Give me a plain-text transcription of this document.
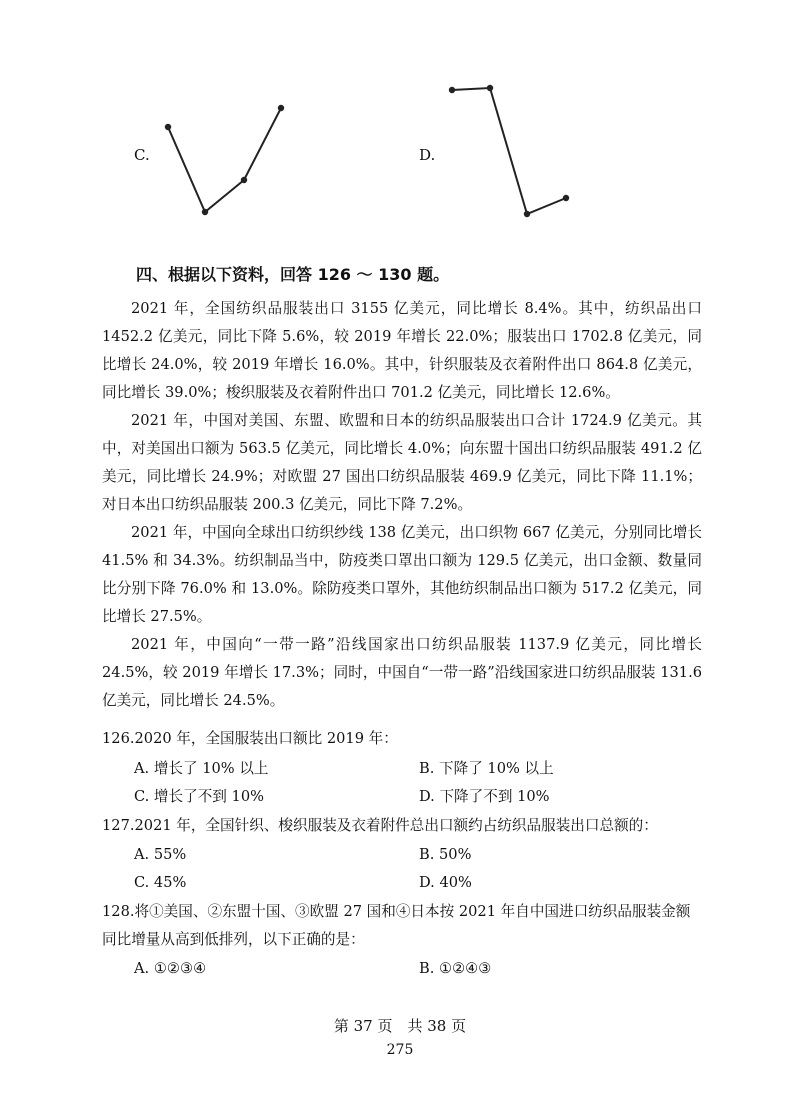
C.	D.
四、根据以下资料，回答 126 ～ 130 题。

2021 年，全国纺织品服装出口 3155 亿美元，同比增长 8.4%。其中，纺织品出口 1452.2 亿美元，同比下降 5.6%，较 2019 年增长 22.0%；服装出口 1702.8 亿美元，同比增长 24.0%，较 2019 年增长 16.0%。其中，针织服装及衣着附件出口 864.8 亿美元，同比增长 39.0%；梭织服装及衣着附件出口 701.2 亿美元，同比增长 12.6%。

2021 年，中国对美国、东盟、欧盟和日本的纺织品服装出口合计 1724.9 亿美元。其中，对美国出口额为 563.5 亿美元，同比增长 4.0%；向东盟十国出口纺织品服装 491.2 亿美元，同比增长 24.9%；对欧盟 27 国出口纺织品服装 469.9 亿美元，同比下降 11.1%；对日本出口纺织品服装 200.3 亿美元，同比下降 7.2%。

2021 年，中国向全球出口纺织纱线 138 亿美元，出口织物 667 亿美元，分别同比增长 41.5% 和 34.3%。纺织制品当中，防疫类口罩出口额为 129.5 亿美元，出口金额、数量同比分别下降 76.0% 和 13.0%。除防疫类口罩外，其他纺织制品出口额为 517.2 亿美元，同比增长 27.5%。

2021 年，中国向“一带一路”沿线国家出口纺织品服装 1137.9 亿美元，同比增长 24.5%，较 2019 年增长 17.3%；同时，中国自“一带一路”沿线国家进口纺织品服装 131.6 亿美元，同比增长 24.5%。

126.2020 年，全国服装出口额比 2019 年：

A. 增长了 10% 以上	B. 下降了 10% 以上
C. 增长了不到 10%	D. 下降了不到 10%

127.2021 年，全国针织、梭织服装及衣着附件总出口额约占纺织品服装出口总额的：

A. 55%	B. 50%
C. 45%	D. 40%

128.将①美国、②东盟十国、③欧盟 27 国和④日本按 2021 年自中国进口纺织品服装金额同比增量从高到低排列，以下正确的是：

A. ①②③④	B. ①②④③
第 37 页　共 38 页
275
